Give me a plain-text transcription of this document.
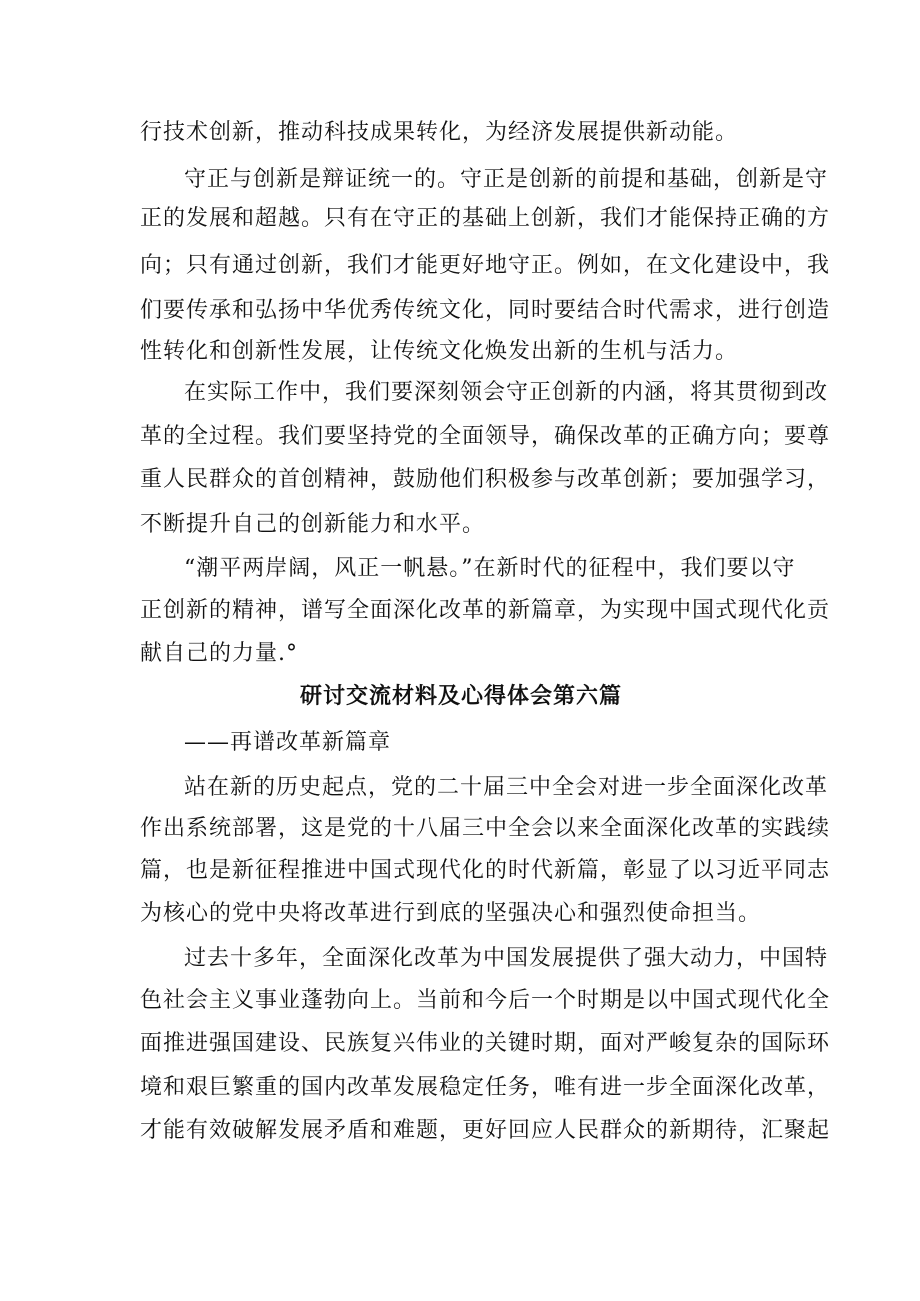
行技术创新，推动科技成果转化，为经济发展提供新动能。
守正与创新是辩证统一的。守正是创新的前提和基础，创新是守
正的发展和超越。只有在守正的基础上创新，我们才能保持正确的方
向；只有通过创新，我们才能更好地守正。例如，在文化建设中，我
们要传承和弘扬中华优秀传统文化，同时要结合时代需求，进行创造
性转化和创新性发展，让传统文化焕发出新的生机与活力。
在实际工作中，我们要深刻领会守正创新的内涵，将其贯彻到改
革的全过程。我们要坚持党的全面领导，确保改革的正确方向；要尊
重人民群众的首创精神，鼓励他们积极参与改革创新；要加强学习，
不断提升自己的创新能力和水平。
“潮平两岸阔，风正一帆悬。”在新时代的征程中，我们要以守
正创新的精神，谱写全面深化改革的新篇章，为实现中国式现代化贡
献自己的力量.°
研讨交流材料及心得体会第六篇
——再谱改革新篇章
站在新的历史起点，党的二十届三中全会对进一步全面深化改革
作出系统部署，这是党的十八届三中全会以来全面深化改革的实践续
篇，也是新征程推进中国式现代化的时代新篇，彰显了以习近平同志
为核心的党中央将改革进行到底的坚强决心和强烈使命担当。
过去十多年，全面深化改革为中国发展提供了强大动力，中国特
色社会主义事业蓬勃向上。当前和今后一个时期是以中国式现代化全
面推进强国建设、民族复兴伟业的关键时期，面对严峻复杂的国际环
境和艰巨繁重的国内改革发展稳定任务，唯有进一步全面深化改革，
才能有效破解发展矛盾和难题，更好回应人民群众的新期待，汇聚起
